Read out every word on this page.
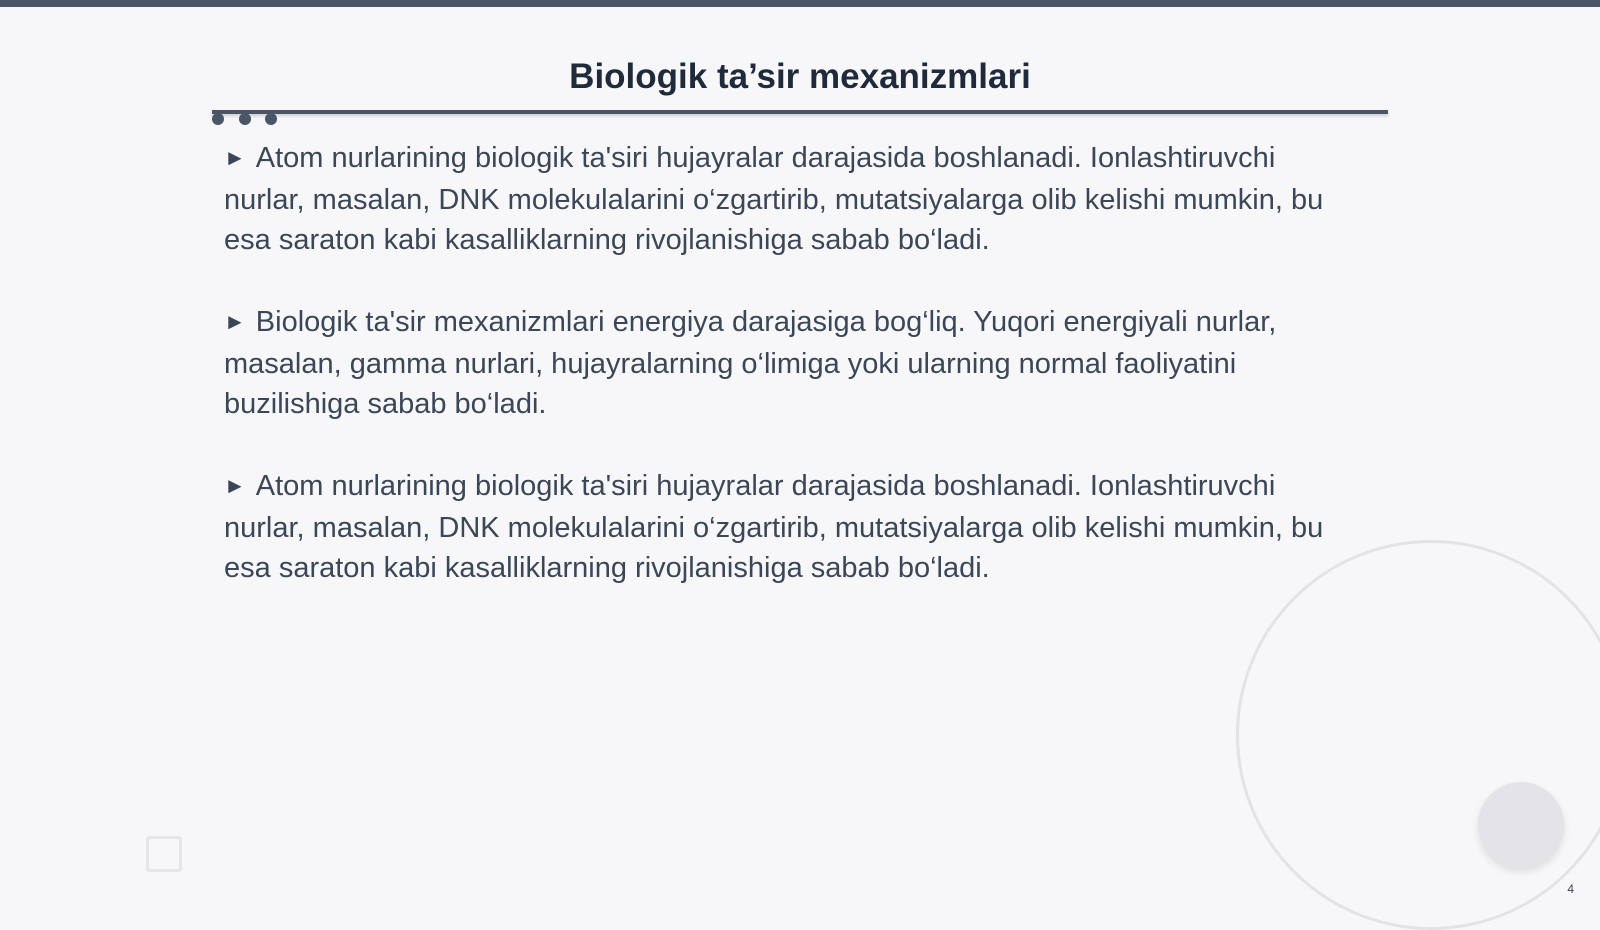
Biologik ta’sir mexanizmlari

► Atom nurlarining biologik ta'siri hujayralar darajasida boshlanadi. Ionlashtiruvchi nurlar, masalan, DNK molekulalarini o‘zgartirib, mutatsiyalarga olib kelishi mumkin, bu esa saraton kabi kasalliklarning rivojlanishiga sabab bo‘ladi.

► Biologik ta'sir mexanizmlari energiya darajasiga bog‘liq. Yuqori energiyali nurlar, masalan, gamma nurlari, hujayralarning o‘limiga yoki ularning normal faoliyatini buzilishiga sabab bo‘ladi.

► Atom nurlarining biologik ta'siri hujayralar darajasida boshlanadi. Ionlashtiruvchi nurlar, masalan, DNK molekulalarini o‘zgartirib, mutatsiyalarga olib kelishi mumkin, bu esa saraton kabi kasalliklarning rivojlanishiga sabab bo‘ladi.

4
